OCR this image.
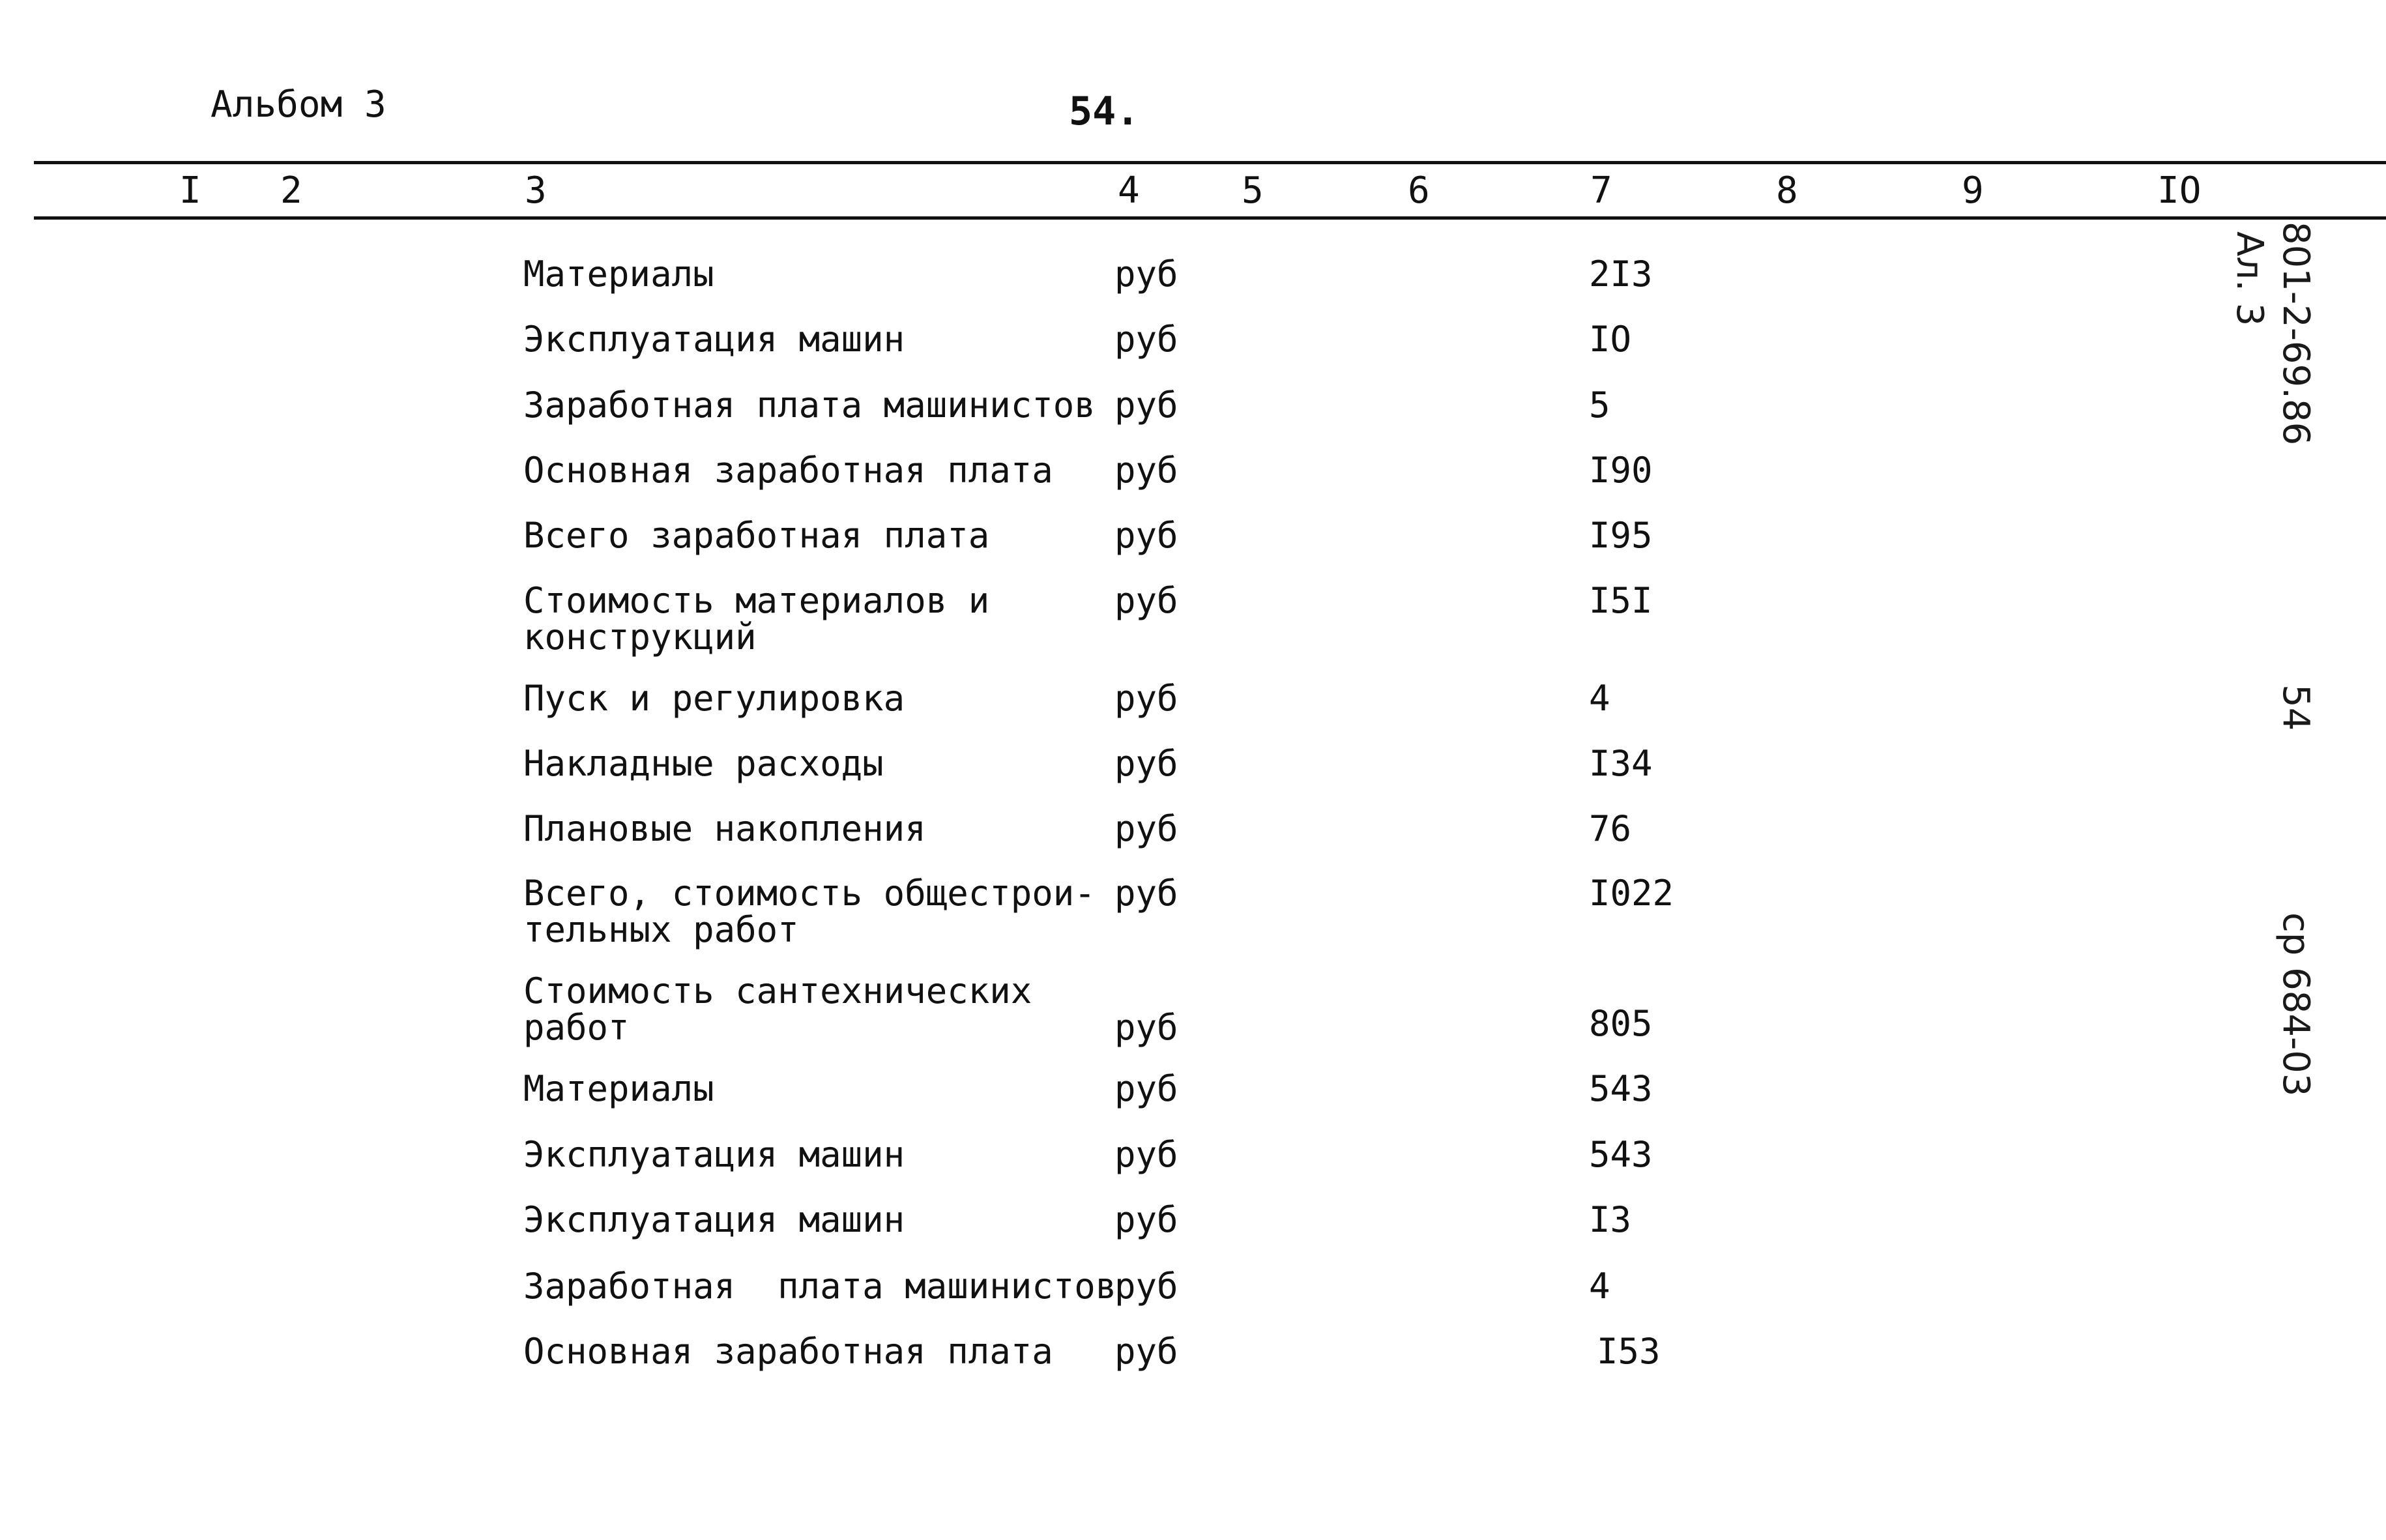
Альбом 3	54.
I 2	3	4	5	6	7	8	9	IO
Материалы	руб	2I3
Эксплуатация машин	руб	IO
Заработная плата машинистов руб	5
Основная заработная плата руб	I90
Всего заработная плата	руб	I95
Стоимость материалов и
конструкций
руб	I5I
Пуск и регулировка	руб	4
Накладные расходы	руб	I34
Плановые накопления	руб	76
Всего, стоимость общестрои-
тельных работ
руб	I022
Стоимость сантехнических
работ	руб	805
Материалы	руб	543
Эксплуатация машин	руб	543
Эксплуатация машин	руб	I3
Заработная  плата машинистов
руб	4
Основная заработная плата руб	I53
801-2-69.86
Ал. 3
54
ср 684-03
